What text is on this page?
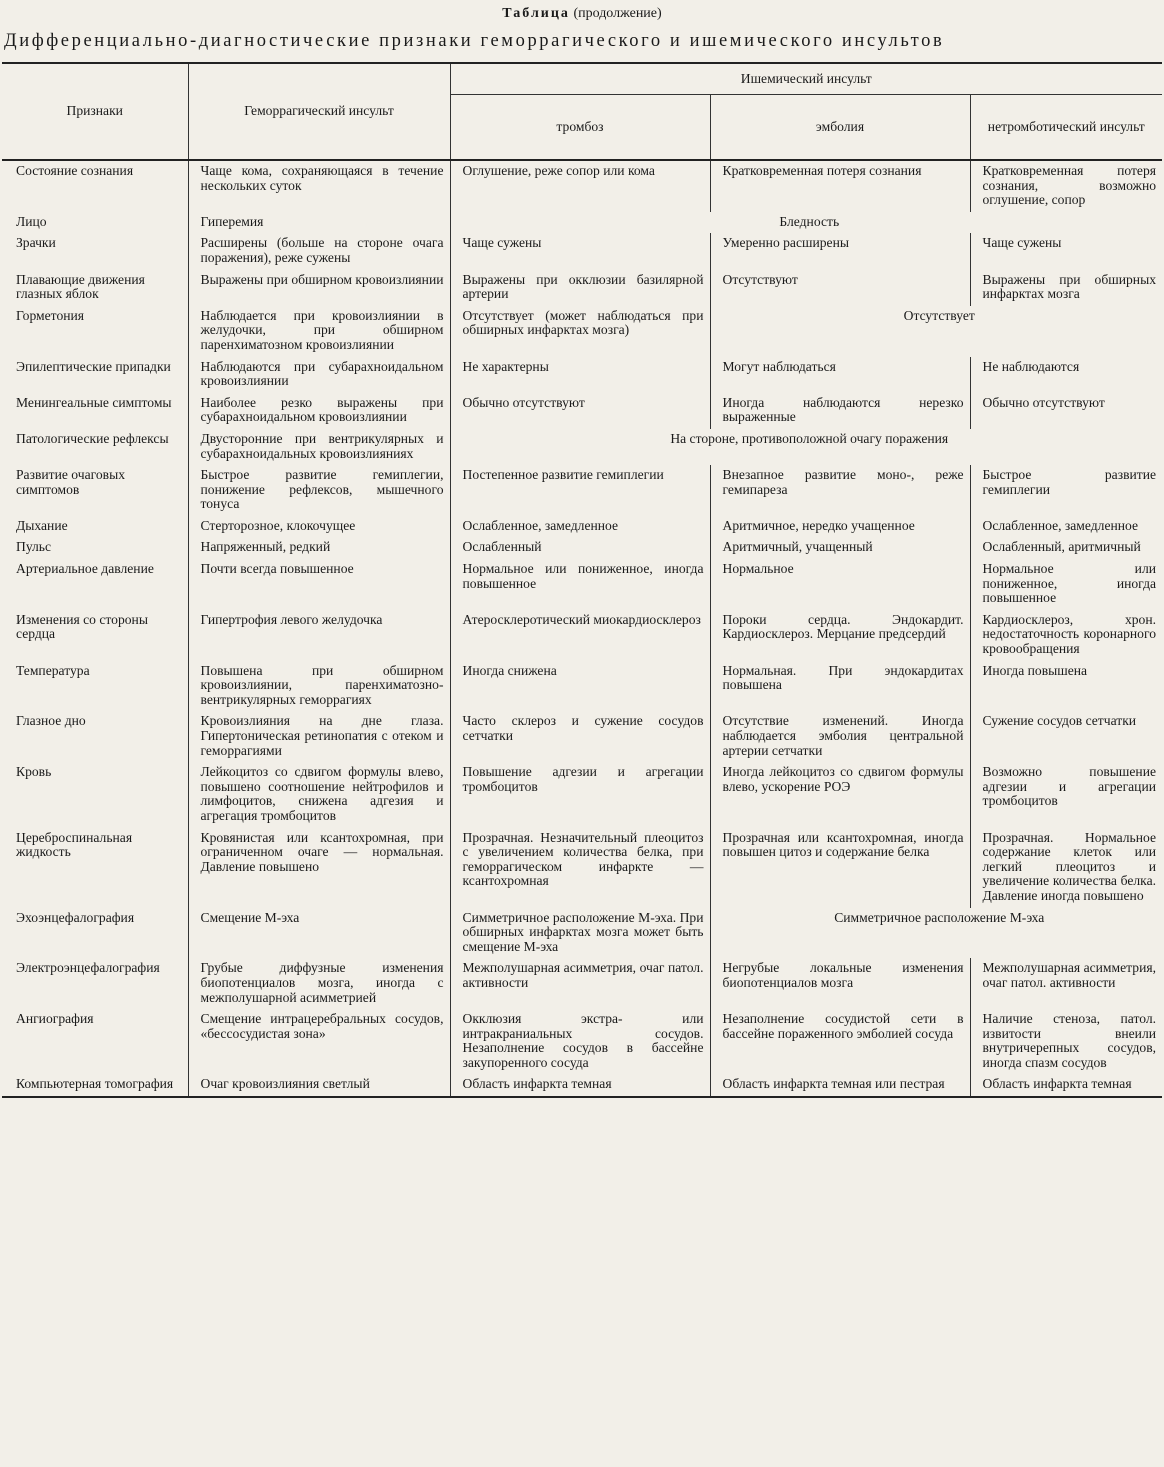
Таблица (продолжение)
Дифференциально-диагностические признаки геморрагического и ишемического инсультов
Признаки	Геморрагический инсульт	Ишемический инсульт		
		тромбоз	эмболия	нетромботический инсульт
Состояние сознания	Чаще кома, сохраняющаяся в течение нескольких суток	Оглушение, реже сопор или кома	Кратковременная потеря сознания	Кратковременная потеря сознания, возможно оглушение, сопор
Лицо	Гиперемия	Бледность		
Зрачки	Расширены (больше на стороне очага поражения), реже сужены	Чаще сужены	Умеренно расширены	Чаще сужены
Плавающие движения глазных яблок	Выражены при обширном кровоизлиянии	Выражены при окклюзии базилярной артерии	Отсутствуют	Выражены при обширных инфарктах мозга
Горметония	Наблюдается при кровоизлиянии в желудочки, при обширном паренхиматозном кровоизлиянии	Отсутствует (может наблюдаться при обширных инфарктах мозга)	Отсутствует	
Эпилептические припадки	Наблюдаются при субарахноидальном кровоизлиянии	Не характерны	Могут наблюдаться	Не наблюдаются
Менингеальные симптомы	Наиболее резко выражены при субарахноидальном кровоизлиянии	Обычно отсутствуют	Иногда наблюдаются нерезко выраженные	Обычно отсутствуют
Патологические рефлексы	Двусторонние при вентрикулярных и субарахноидальных кровоизлияниях	На стороне, противоположной очагу поражения		
Развитие очаговых симптомов	Быстрое развитие гемиплегии, понижение рефлексов, мышечного тонуса	Постепенное развитие гемиплегии	Внезапное развитие моно-, реже гемипареза	Быстрое развитие гемиплегии
Дыхание	Стерторозное, клокочущее	Ослабленное, замедленное	Аритмичное, нередко учащенное	Ослабленное, замедленное
Пульс	Напряженный, редкий	Ослабленный	Аритмичный, учащенный	Ослабленный, аритмичный
Артериальное давление	Почти всегда повышенное	Нормальное или пониженное, иногда повышенное	Нормальное	Нормальное или пониженное, иногда повышенное
Изменения со стороны сердца	Гипертрофия левого желудочка	Атеросклеротический миокардиосклероз	Пороки сердца. Эндокардит. Кардиосклероз. Мерцание предсердий	Кардиосклероз, хрон. недостаточность коронарного кровообращения
Температура	Повышена при обширном кровоизлиянии, паренхиматозно-вентрикулярных геморрагиях	Иногда снижена	Нормальная. При эндокардитах повышена	Иногда повышена
Глазное дно	Кровоизлияния на дне глаза. Гипертоническая ретинопатия с отеком и геморрагиями	Часто склероз и сужение сосудов сетчатки	Отсутствие изменений. Иногда наблюдается эмболия центральной артерии сетчатки	Сужение сосудов сетчатки
Кровь	Лейкоцитоз со сдвигом формулы влево, повышено соотношение нейтрофилов и лимфоцитов, снижена адгезия и агрегация тромбоцитов	Повышение адгезии и агрегации тромбоцитов	Иногда лейкоцитоз со сдвигом формулы влево, ускорение РОЭ	Возможно повышение адгезии и агрегации тромбоцитов
Цереброспинальная жидкость	Кровянистая или ксантохромная, при ограниченном очаге — нормальная. Давление повышено	Прозрачная. Незначительный плеоцитоз с увеличением количества белка, при геморрагическом инфаркте — ксантохромная	Прозрачная или ксантохромная, иногда повышен цитоз и содержание белка	Прозрачная. Нормальное содержание клеток или легкий плеоцитоз и увеличение количества белка. Давление иногда повышено
Эхоэнцефалография	Смещение М-эха	Симметричное расположение М-эха. При обширных инфарктах мозга может быть смещение М-эха	Симметричное расположение М-эха	
Электроэнцефалография	Грубые диффузные изменения биопотенциалов мозга, иногда с межполушарной асимметрией	Межполушарная асимметрия, очаг патол. активности	Негрубые локальные изменения биопотенциалов мозга	Межполушарная асимметрия, очаг патол. активности
Ангиография	Смещение интрацеребральных сосудов, «бессосудистая зона»	Окклюзия экстра- или интракраниальных сосудов. Незаполнение сосудов в бассейне закупоренного сосуда	Незаполнение сосудистой сети в бассейне пораженного эмболией сосуда	Наличие стеноза, патол. извитости внеили внутричерепных сосудов, иногда спазм сосудов
Компьютерная томография	Очаг кровоизлияния светлый	Область инфаркта темная	Область инфаркта темная или пестрая	Область инфаркта темная
